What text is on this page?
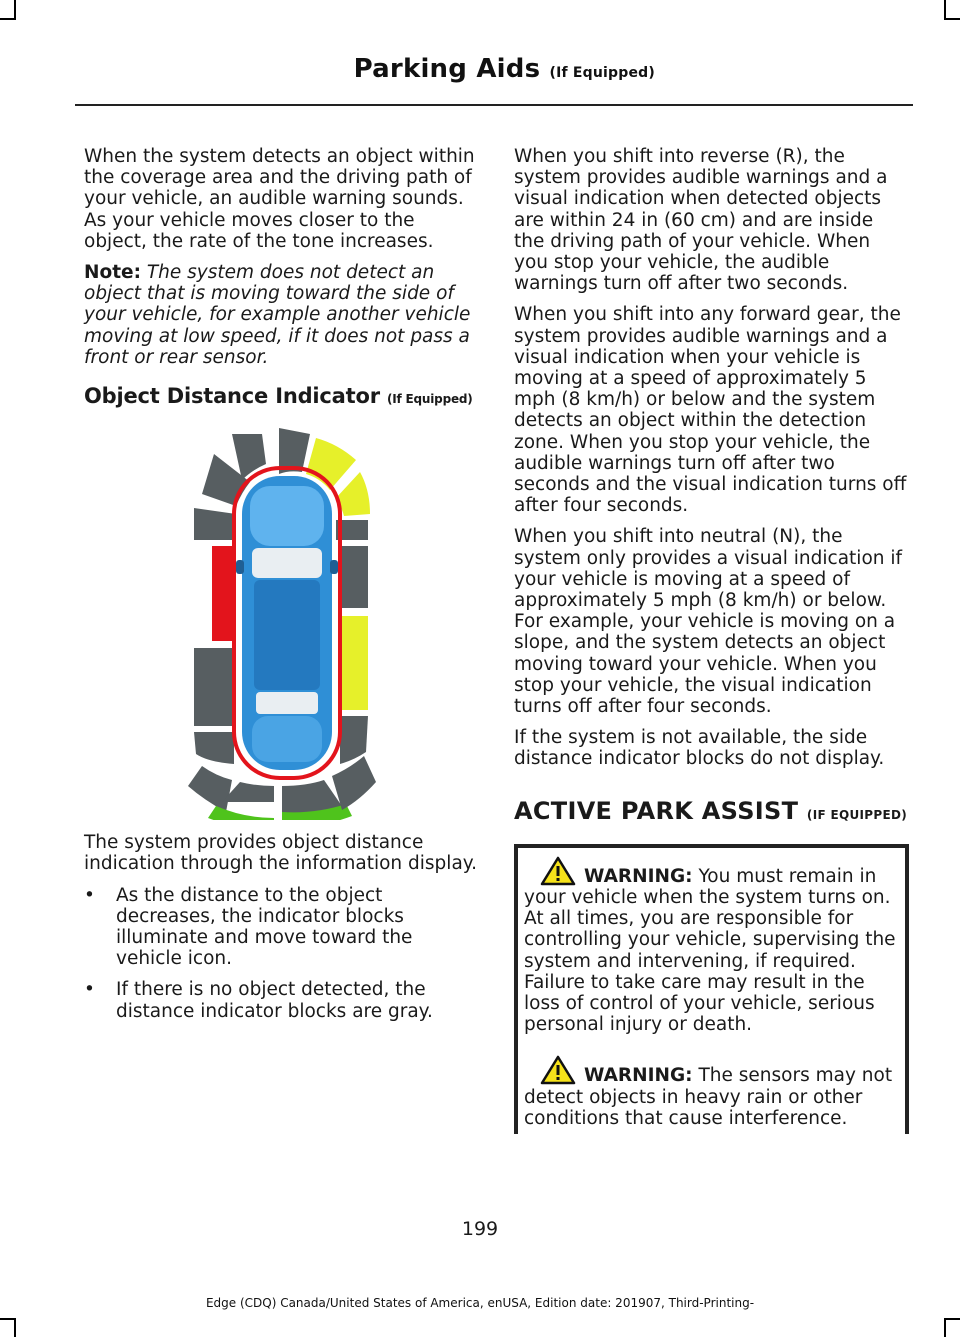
Parking Aids (If Equipped)

When the system detects an object within the coverage area and the driving path of your vehicle, an audible warning sounds. As your vehicle moves closer to the object, the rate of the tone increases.

Note: The system does not detect an object that is moving toward the side of your vehicle, for example another vehicle moving at low speed, if it does not pass a front or rear sensor.

Object Distance Indicator (If Equipped)

The system provides object distance indication through the information display.

• As the distance to the object decreases, the indicator blocks illuminate and move toward the vehicle icon.
• If there is no object detected, the distance indicator blocks are gray.

When you shift into reverse (R), the system provides audible warnings and a visual indication when detected objects are within 24 in (60 cm) and are inside the driving path of your vehicle. When you stop your vehicle, the audible warnings turn off after two seconds.

When you shift into any forward gear, the system provides audible warnings and a visual indication when your vehicle is moving at a speed of approximately 5 mph (8 km/h) or below and the system detects an object within the detection zone. When you stop your vehicle, the audible warnings turn off after two seconds and the visual indication turns off after four seconds.

When you shift into neutral (N), the system only provides a visual indication if your vehicle is moving at a speed of approximately 5 mph (8 km/h) or below. For example, your vehicle is moving on a slope, and the system detects an object moving toward your vehicle. When you stop your vehicle, the visual indication turns off after four seconds.

If the system is not available, the side distance indicator blocks do not display.

ACTIVE PARK ASSIST (IF EQUIPPED)

WARNING: You must remain in your vehicle when the system turns on. At all times, you are responsible for controlling your vehicle, supervising the system and intervening, if required. Failure to take care may result in the loss of control of your vehicle, serious personal injury or death.

WARNING: The sensors may not detect objects in heavy rain or other conditions that cause interference.

199
Edge (CDQ) Canada/United States of America, enUSA, Edition date: 201907, Third-Printing-
